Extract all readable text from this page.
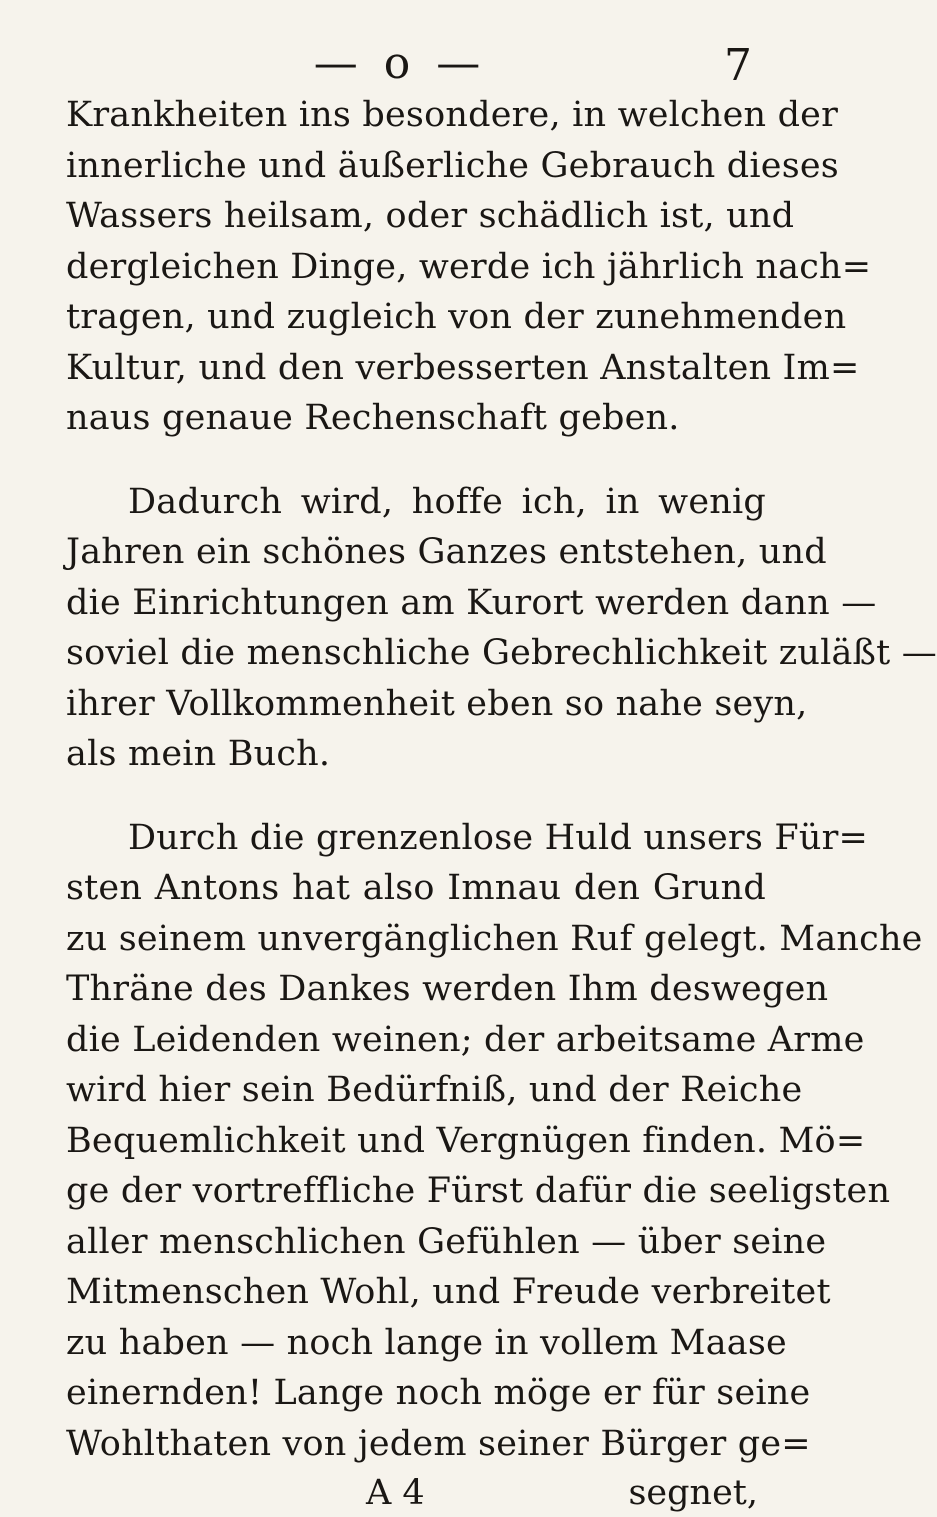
— o —	7
Krankheiten ins besondere, in welchen der
innerliche und äußerliche Gebrauch dieses
Wassers heilsam, oder schädlich ist, und
dergleichen Dinge, werde ich jährlich nach=
tragen, und zugleich von der zunehmenden
Kultur, und den verbesserten Anstalten Im=
naus genaue Rechenschaft geben.
Dadurch wird, hoffe ich, in wenig
Jahren ein schönes Ganzes entstehen, und
die Einrichtungen am Kurort werden dann —
soviel die menschliche Gebrechlichkeit zuläßt —
ihrer Vollkommenheit eben so nahe seyn,
als mein Buch.
Durch die grenzenlose Huld unsers Für=
sten Antons hat also Imnau den Grund
zu seinem unvergänglichen Ruf gelegt. Manche
Thräne des Dankes werden Ihm deswegen
die Leidenden weinen; der arbeitsame Arme
wird hier sein Bedürfniß, und der Reiche
Bequemlichkeit und Vergnügen finden. Mö=
ge der vortreffliche Fürst dafür die seeligsten
aller menschlichen Gefühlen — über seine
Mitmenschen Wohl, und Freude verbreitet
zu haben — noch lange in vollem Maase
einernden! Lange noch möge er für seine
Wohlthaten von jedem seiner Bürger ge=
A 4	segnet,
